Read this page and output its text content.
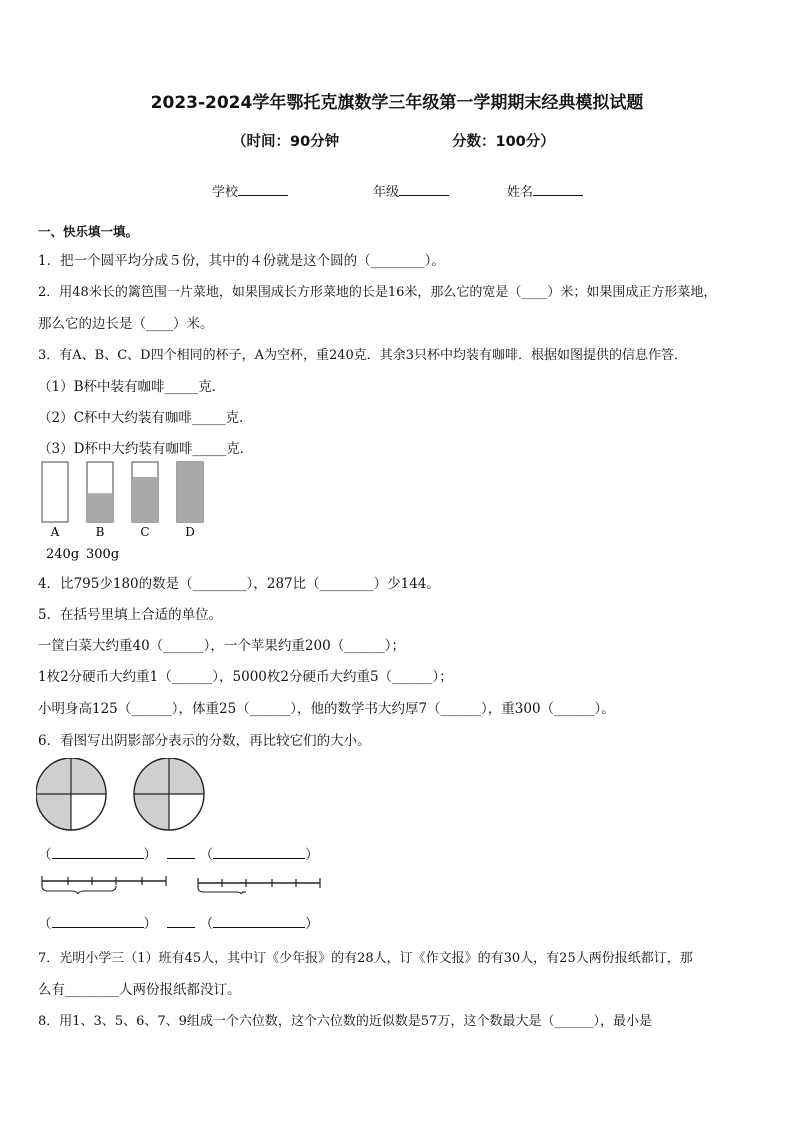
2023-2024学年鄂托克旗数学三年级第一学期期末经典模拟试题
（时间：90分钟	分数：100分）
学校	年级	姓名
一、快乐填一填。
1．把一个圆平均分成５份，其中的４份就是这个圆的（________）。
2．用48米长的篱笆围一片菜地，如果围成长方形菜地的长是16米，那么它的宽是（____）米；如果围成正方形菜地，
那么它的边长是（____）米。
3．有A、B、C、D四个相同的杯子，A为空杯，重240克．其余3只杯中均装有咖啡．根据如图提供的信息作答．
（1）B杯中装有咖啡_____克．
（2）C杯中大约装有咖啡_____克．
（3）D杯中大约装有咖啡_____克．
A	B	C	D
240g 300g
4．比795少180的数是（________），287比（________）少144。
5．在括号里填上合适的单位。
一筐白菜大约重40（______），一个苹果约重200（______）；
1枚2分硬币大约重1（______），5000枚2分硬币大约重5（______）；
小明身高125（______），体重25（______），他的数学书大约厚7（______），重300（______）。
6．看图写出阴影部分表示的分数，再比较它们的大小。
（	）	（	）
（	）	（	）
7．光明小学三（1）班有45人，其中订《少年报》的有28人，订《作文报》的有30人，有25人两份报纸都订，那
么有________人两份报纸都没订。
8．用1、3、5、6、7、9组成一个六位数，这个六位数的近似数是57万，这个数最大是（______），最小是
